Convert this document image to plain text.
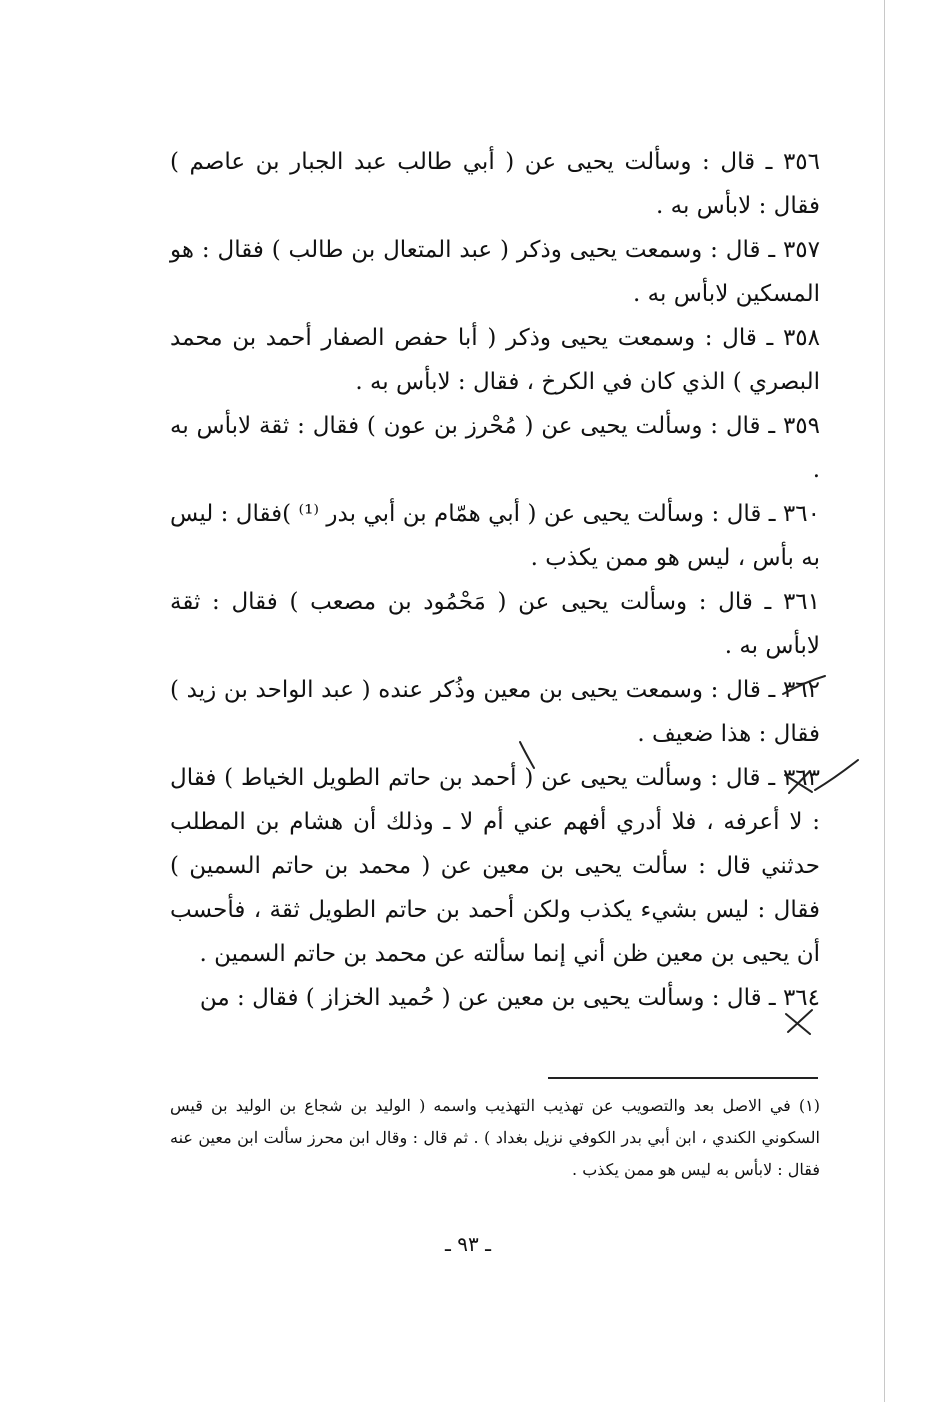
٣٥٦ ـ قال : وسألت يحيى عن ( أبي طالب عبد الجبار بن عاصم ) فقال : لابأس به .

٣٥٧ ـ قال : وسمعت يحيى وذكر ( عبد المتعال بن طالب ) فقال : هو المسكين لابأس به .

٣٥٨ ـ قال : وسمعت يحيى وذكر ( أبا حفص الصفار أحمد بن محمد البصري ) الذي كان في الكرخ ، فقال : لابأس به .

٣٥٩ ـ قال : وسألت يحيى عن ( مُحْرز بن عون ) فقال : ثقة لابأس به .

٣٦٠ ـ قال : وسألت يحيى عن ( أبي همّام بن أبي بدر ⁽¹⁾ )فقال : ليس به بأس ، ليس هو ممن يكذب .

٣٦١ ـ قال : وسألت يحيى عن ( مَحْمُود بن مصعب ) فقال : ثقة لابأس به .

٣٦٢ ـ قال : وسمعت يحيى بن معين وذُكر عنده ( عبد الواحد بن زيد ) فقال : هذا ضعيف .

٣٦٣ ـ قال : وسألت يحيى عن ( أحمد بن حاتم الطويل الخياط ) فقال : لا أعرفه ، فلا أدري أفهم عني أم لا ـ وذلك أن هشام بن المطلب حدثني قال : سألت يحيى بن معين عن ( محمد بن حاتم السمين ) فقال : ليس بشيء يكذب ولكن أحمد بن حاتم الطويل ثقة ، فأحسب أن يحيى بن معين ظن أني إنما سألته عن محمد بن حاتم السمين .

٣٦٤ ـ قال : وسألت يحيى بن معين عن ( حُميد الخزاز ) فقال : من

(١) في الاصل بعد والتصويب عن تهذيب التهذيب واسمه ( الوليد بن شجاع بن الوليد بن قيس السكوني الكندي ، ابن أبي بدر الكوفي نزيل بغداد ) . ثم قال : وقال ابن محرز سألت ابن معين عنه فقال : لابأس به ليس هو ممن يكذب .
ـ ٩٣ ـ
